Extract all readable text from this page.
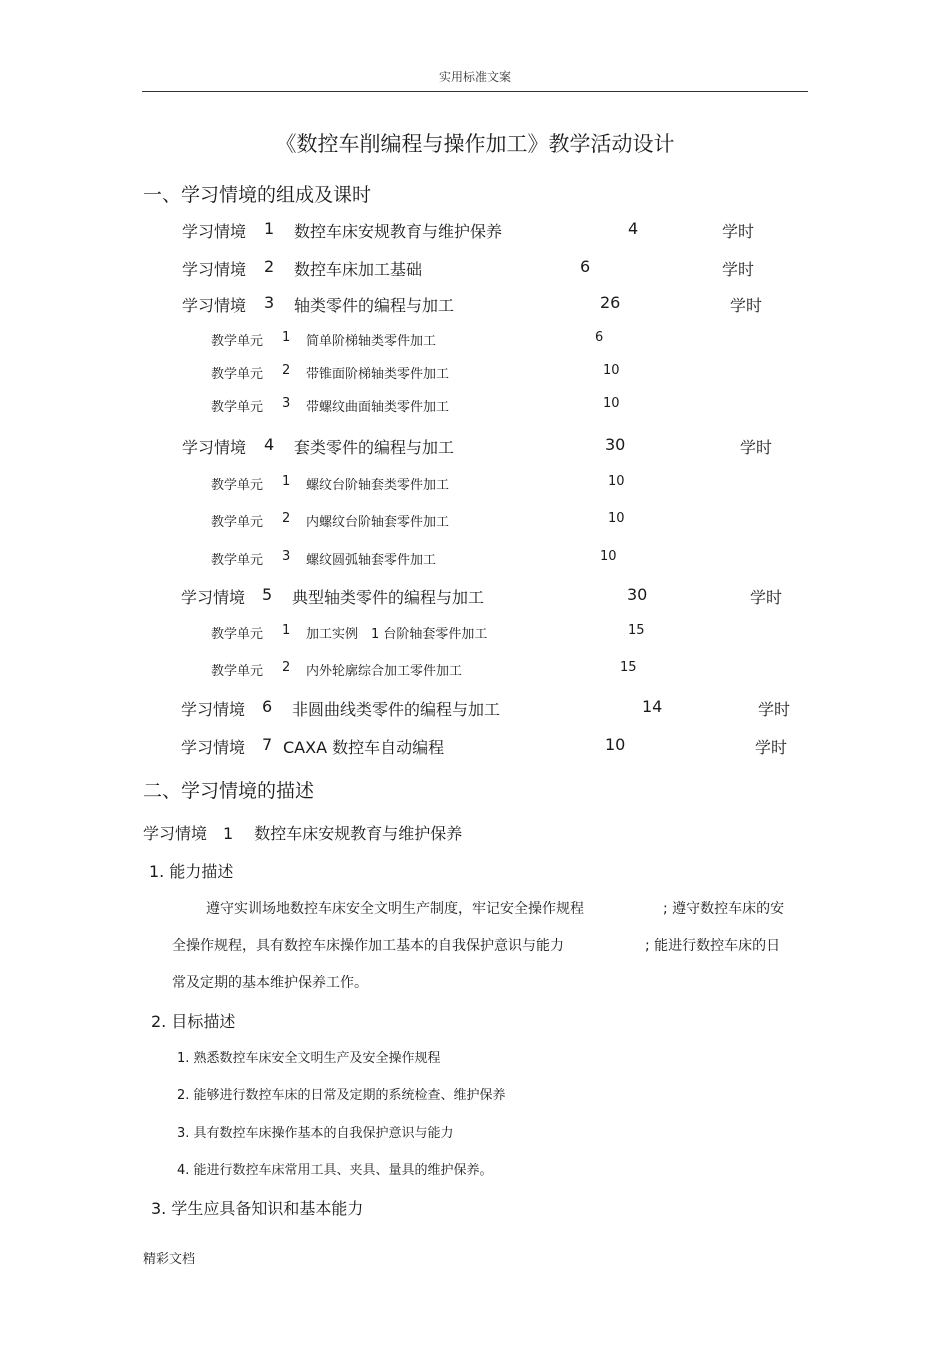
实用标准文案
《数控车削编程与操作加工》教学活动设计
一、学习情境的组成及课时
学习情境 1 数控车床安规教育与维护保养	4	学时
学习情境 2 数控车床加工基础	6	学时
学习情境 3 轴类零件的编程与加工	26	学时
教学单元 1 简单阶梯轴类零件加工	6
教学单元 2 带锥面阶梯轴类零件加工	10
教学单元 3 带螺纹曲面轴类零件加工	10
学习情境 4 套类零件的编程与加工	30	学时
教学单元 1 螺纹台阶轴套类零件加工	10
教学单元 2 内螺纹台阶轴套零件加工	10
教学单元 3 螺纹圆弧轴套零件加工	10
学习情境 5 典型轴类零件的编程与加工	30	学时
教学单元 1 加工实例　1 台阶轴套零件加工	15
教学单元 2 内外轮廓综合加工零件加工	15
学习情境 6 非圆曲线类零件的编程与加工	14	学时
学习情境 7 CAXA 数控车自动编程	10	学时
二、学习情境的描述
学习情境　1　 数控车床安规教育与维护保养
1. 能力描述
遵守实训场地数控车床安全文明生产制度，牢记安全操作规程	; 遵守数控车床的安
全操作规程，具有数控车床操作加工基本的自我保护意识与能力	; 能进行数控车床的日
常及定期的基本维护保养工作。
2. 目标描述
1. 熟悉数控车床安全文明生产及安全操作规程
2. 能够进行数控车床的日常及定期的系统检查、维护保养
3. 具有数控车床操作基本的自我保护意识与能力
4. 能进行数控车床常用工具、夹具、量具的维护保养。
3. 学生应具备知识和基本能力
精彩文档
